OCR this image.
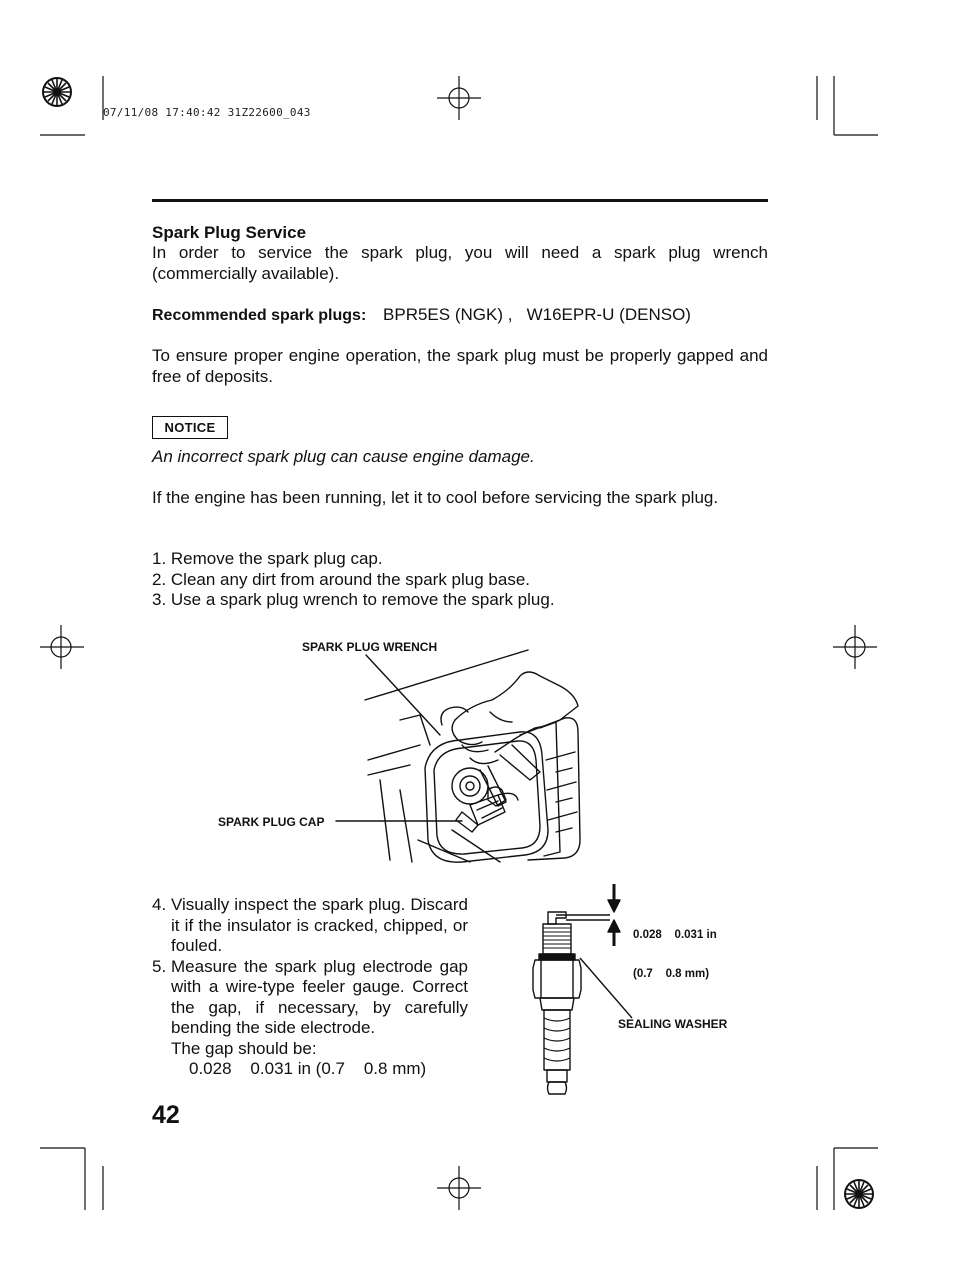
07/11/08 17:40:42 31Z22600_043
Spark Plug Service
In order to service the spark plug, you will need a spark plug wrench (commercially available).
Recommended spark plugs: BPR5ES (NGK) ,   W16EPR-U (DENSO)
To ensure proper engine operation, the spark plug must be properly gapped and free of deposits.
NOTICE
An incorrect spark plug can cause engine damage.
If the engine has been running, let it to cool before servicing the spark plug.
1. Remove the spark plug cap.
2. Clean any dirt from around the spark plug base.
3. Use a spark plug wrench to remove the spark plug.
SPARK PLUG WRENCH
SPARK PLUG CAP

0.028    0.031 in

(0.7    0.8 mm)

SEALING WASHER
4. Visually inspect the spark plug. Discard it if the insulator is cracked, chipped, or fouled.
5. Measure the spark plug electrode gap with a wire-type feeler gauge. Correct the gap, if necessary, by carefully bending the side electrode.
The gap should be:
0.028    0.031 in (0.7    0.8 mm)
42
